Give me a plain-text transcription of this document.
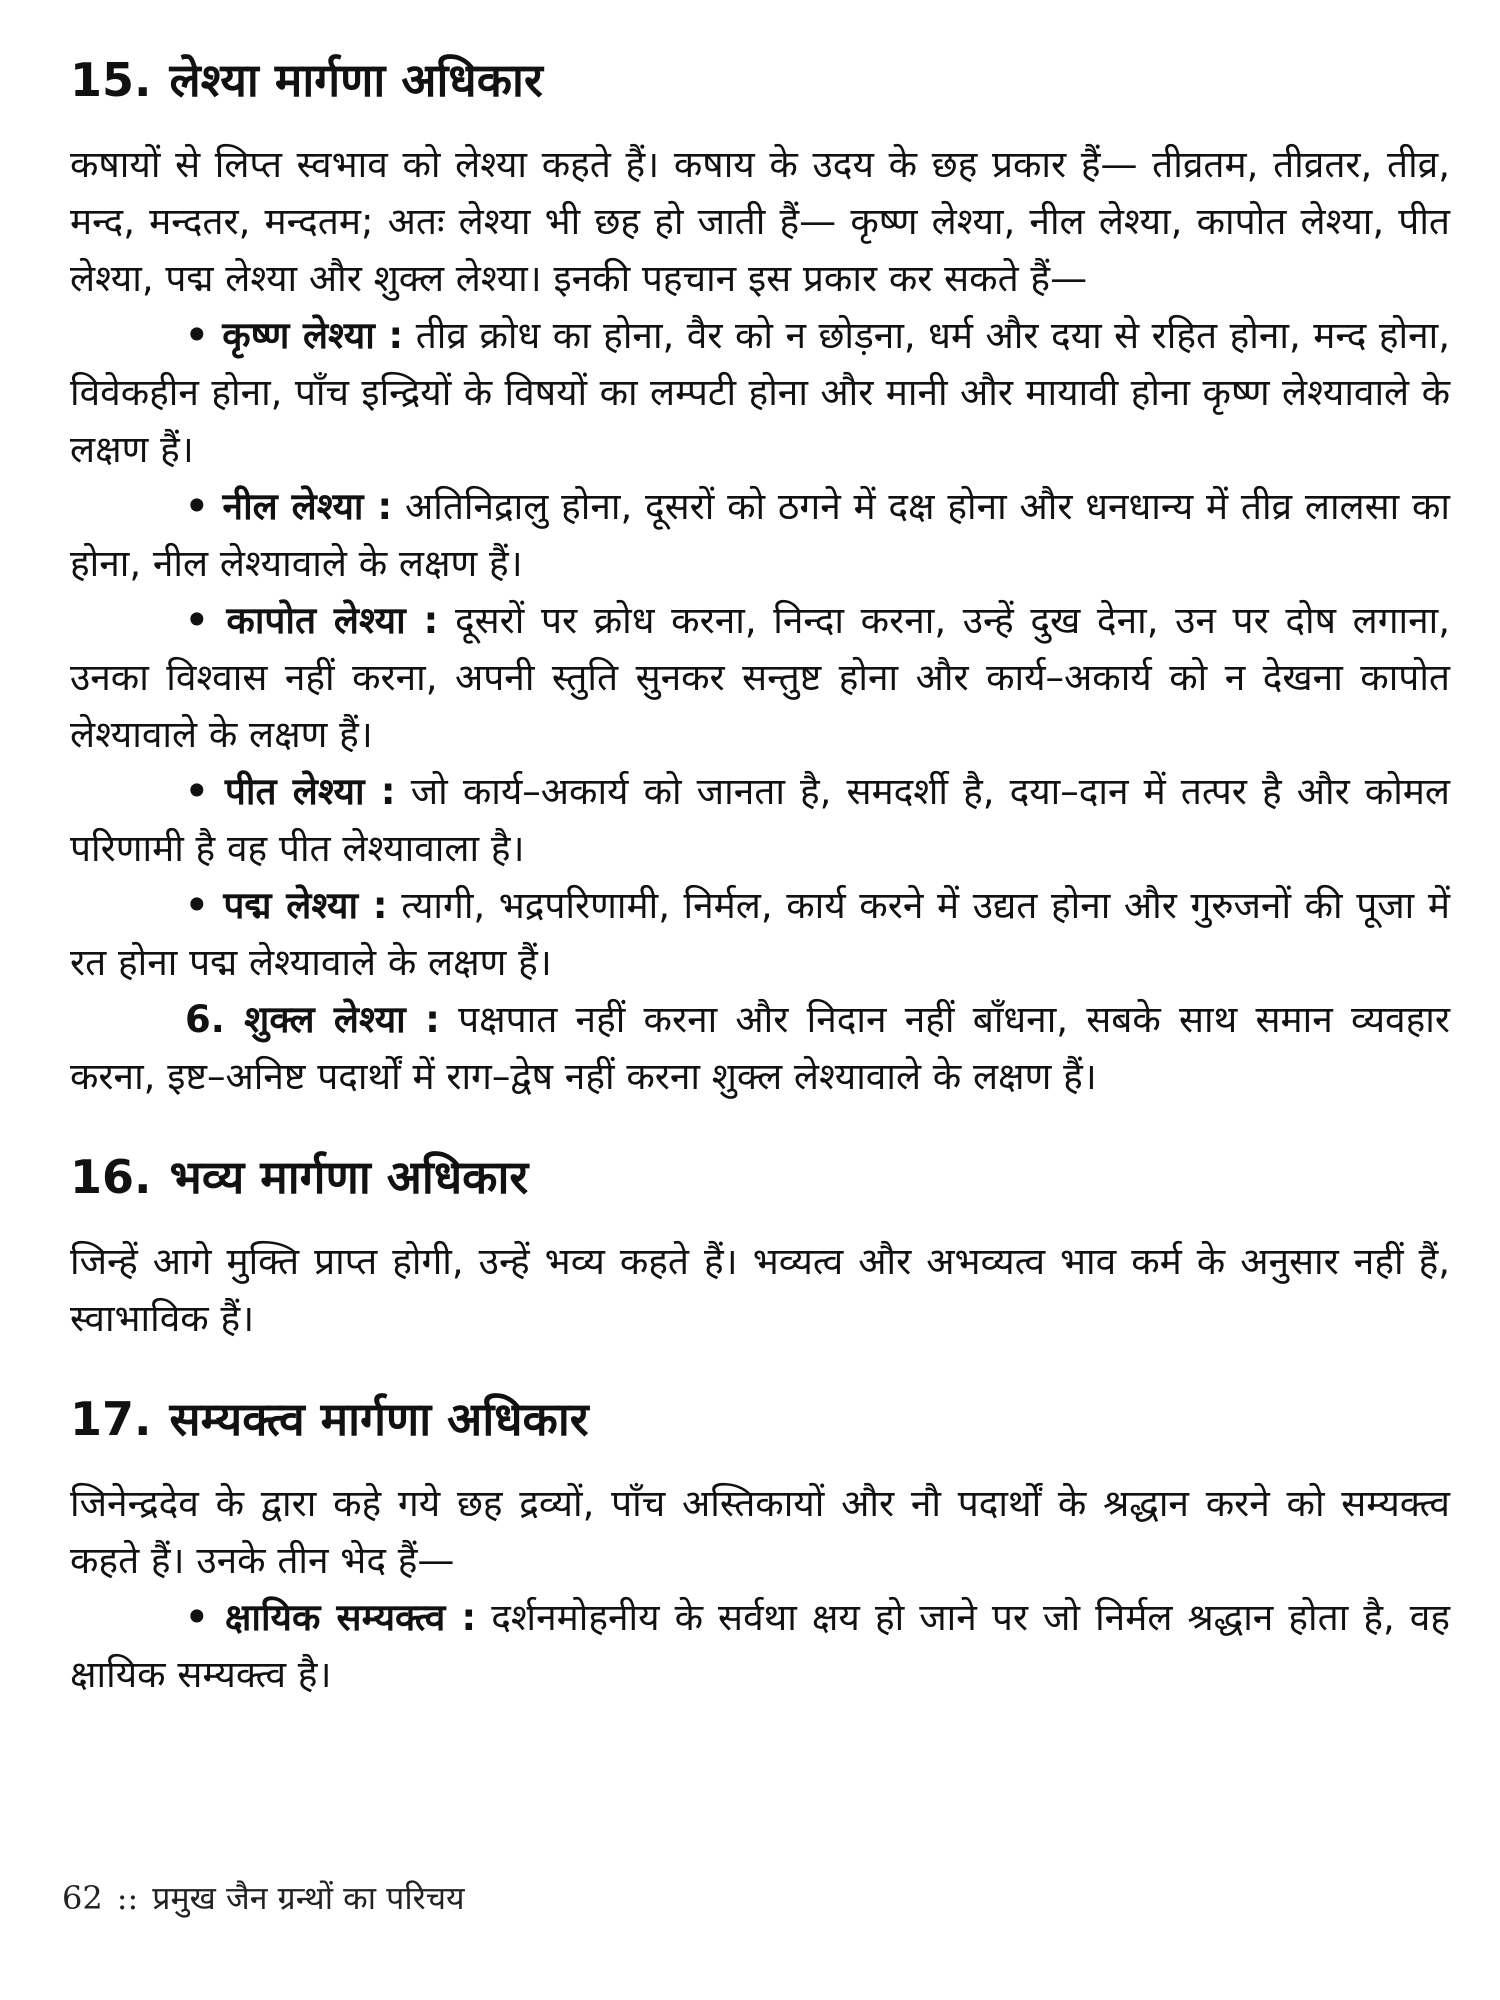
15. लेश्या मार्गणा अधिकार

कषायों से लिप्त स्वभाव को लेश्या कहते हैं। कषाय के उदय के छह प्रकार हैं— तीव्रतम, तीव्रतर, तीव्र, मन्द, मन्दतर, मन्दतम; अतः लेश्या भी छह हो जाती हैं— कृष्ण लेश्या, नील लेश्या, कापोत लेश्या, पीत लेश्या, पद्म लेश्या और शुक्ल लेश्या। इनकी पहचान इस प्रकार कर सकते हैं—

• कृष्ण लेश्या : तीव्र क्रोध का होना, वैर को न छोड़ना, धर्म और दया से रहित होना, मन्द होना, विवेकहीन होना, पाँच इन्द्रियों के विषयों का लम्पटी होना और मानी और मायावी होना कृष्ण लेश्यावाले के लक्षण हैं।

• नील लेश्या : अतिनिद्रालु होना, दूसरों को ठगने में दक्ष होना और धनधान्य में तीव्र लालसा का होना, नील लेश्यावाले के लक्षण हैं।

• कापोत लेश्या : दूसरों पर क्रोध करना, निन्दा करना, उन्हें दुख देना, उन पर दोष लगाना, उनका विश्वास नहीं करना, अपनी स्तुति सुनकर सन्तुष्ट होना और कार्य–अकार्य को न देखना कापोत लेश्यावाले के लक्षण हैं।

• पीत लेश्या : जो कार्य–अकार्य को जानता है, समदर्शी है, दया–दान में तत्पर है और कोमल परिणामी है वह पीत लेश्यावाला है।

• पद्म लेश्या : त्यागी, भद्रपरिणामी, निर्मल, कार्य करने में उद्यत होना और गुरुजनों की पूजा में रत होना पद्म लेश्यावाले के लक्षण हैं।

6. शुक्ल लेश्या : पक्षपात नहीं करना और निदान नहीं बाँधना, सबके साथ समान व्यवहार करना, इष्ट–अनिष्ट पदार्थों में राग–द्वेष नहीं करना शुक्ल लेश्यावाले के लक्षण हैं।

16. भव्य मार्गणा अधिकार

जिन्हें आगे मुक्ति प्राप्त होगी, उन्हें भव्य कहते हैं। भव्यत्व और अभव्यत्व भाव कर्म के अनुसार नहीं हैं, स्वाभाविक हैं।

17. सम्यक्त्व मार्गणा अधिकार

जिनेन्द्रदेव के द्वारा कहे गये छह द्रव्यों, पाँच अस्तिकायों और नौ पदार्थों के श्रद्धान करने को सम्यक्त्व कहते हैं। उनके तीन भेद हैं—

• क्षायिक सम्यक्त्व : दर्शनमोहनीय के सर्वथा क्षय हो जाने पर जो निर्मल श्रद्धान होता है, वह क्षायिक सम्यक्त्व है।

62 :: प्रमुख जैन ग्रन्थों का परिचय
